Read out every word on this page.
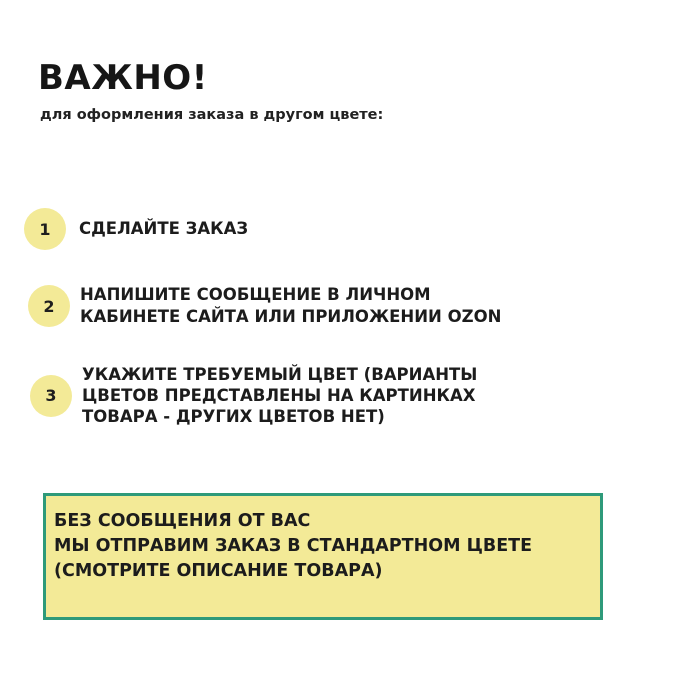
ВАЖНО!
для оформления заказа в другом цвете:
1	СДЕЛАЙТЕ ЗАКАЗ
2
НАПИШИТЕ СООБЩЕНИЕ В ЛИЧНОМ
КАБИНЕТЕ САЙТА ИЛИ ПРИЛОЖЕНИИ OZON
3
УКАЖИТЕ ТРЕБУЕМЫЙ ЦВЕТ (ВАРИАНТЫ
ЦВЕТОВ ПРЕДСТАВЛЕНЫ НА КАРТИНКАХ
ТОВАРА - ДРУГИХ ЦВЕТОВ НЕТ)
БЕЗ СООБЩЕНИЯ ОТ ВАС
МЫ ОТПРАВИМ ЗАКАЗ В СТАНДАРТНОМ ЦВЕТЕ
(СМОТРИТЕ ОПИСАНИЕ ТОВАРА)
